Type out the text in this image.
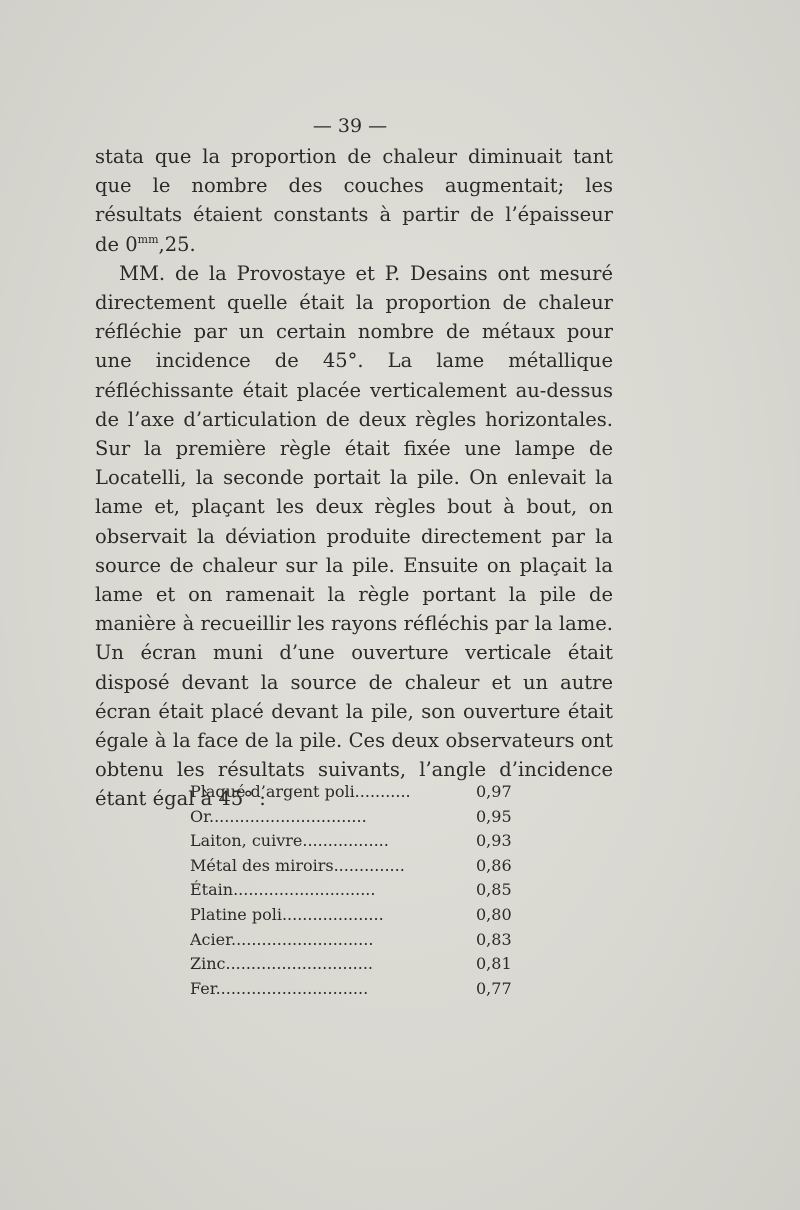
— 39 —

stata que la proportion de chaleur diminuait tant que le nombre des couches augmentait; les résultats étaient constants à partir de l’épaisseur de $0^{mm},25$.

MM. de la Provostaye et P. Desains ont mesuré directement quelle était la proportion de chaleur réfléchie par un certain nombre de métaux pour une incidence de 45°. La lame métallique réfléchissante était placée verticalement au-dessus de l’axe d’articulation de deux règles horizontales. Sur la première règle était fixée une lampe de Locatelli, la seconde portait la pile. On enlevait la lame et, plaçant les deux règles bout à bout, on observait la déviation produite directement par la source de chaleur sur la pile. Ensuite on plaçait la lame et on ramenait la règle portant la pile de manière à recueillir les rayons réfléchis par la lame. Un écran muni d’une ouverture verticale était disposé devant la source de chaleur et un autre écran était placé devant la pile, son ouverture était égale à la face de la pile. Ces deux observateurs ont obtenu les résultats suivants, l’angle d’incidence étant égal à 45° :

Plaqué d’argent poli...........	0,97
Or...............................	0,95
Laiton, cuivre.................	0,93
Métal des miroirs..............	0,86
Étain............................	0,85
Platine poli....................	0,80
Acier............................	0,83
Zinc.............................	0,81
Fer..............................	0,77
